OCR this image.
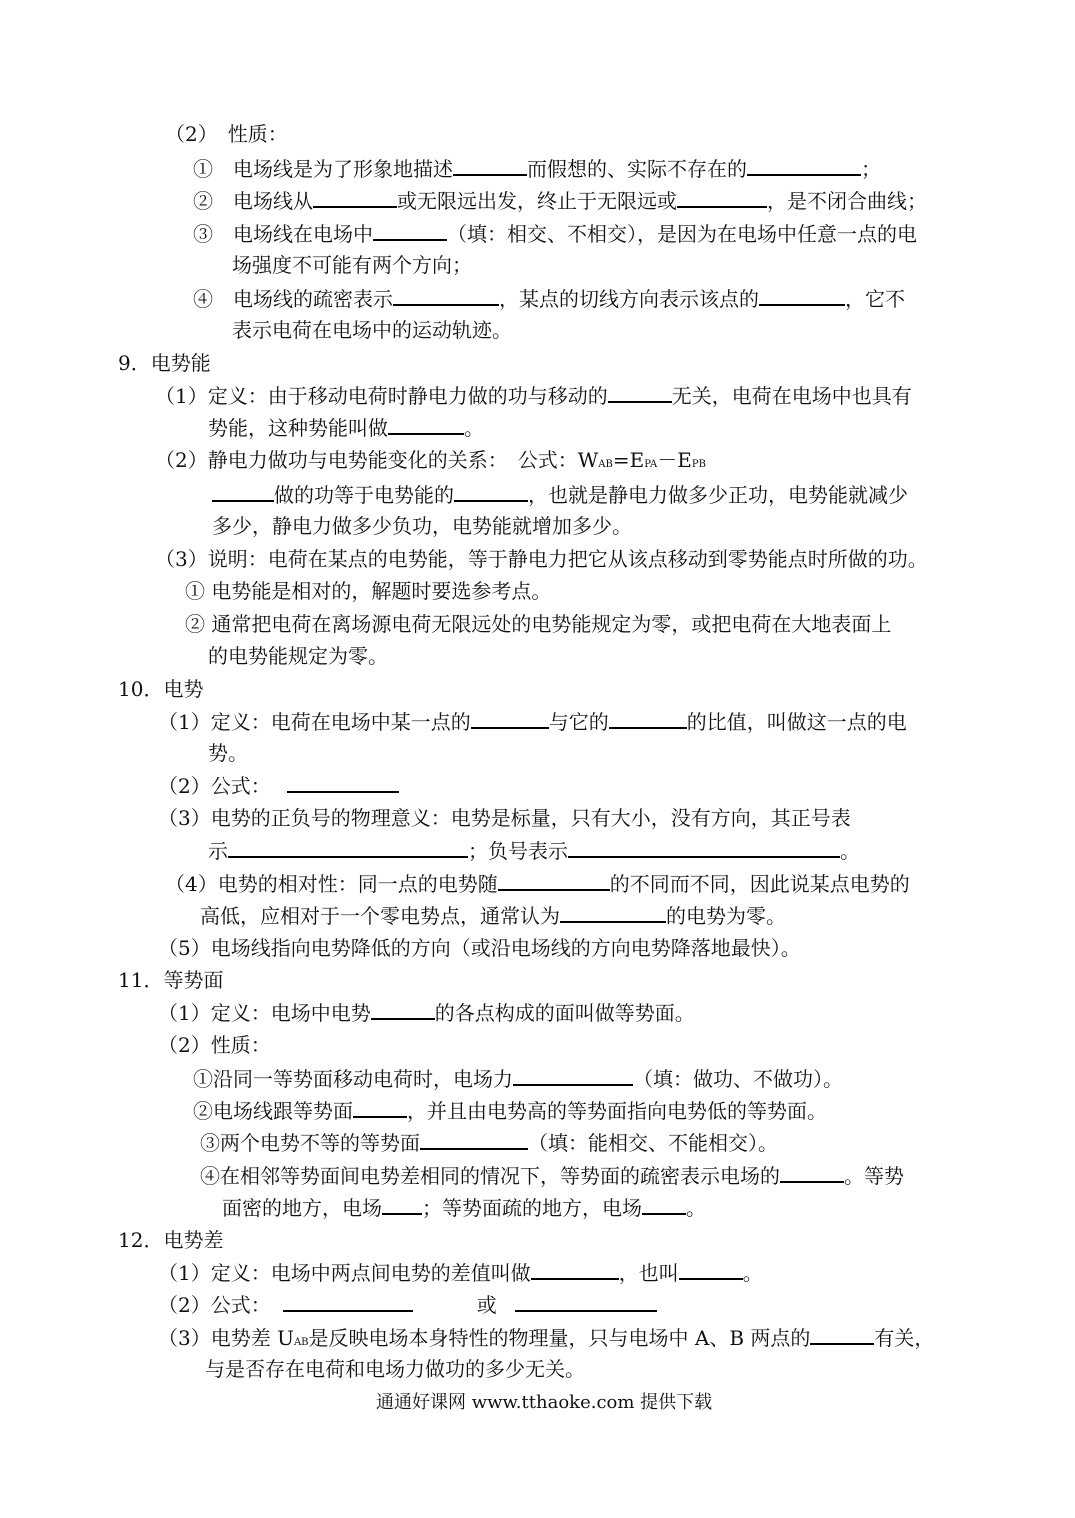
（2）　性质：
①　电场线是为了形象地描述	而假想的、实际不存在的	；
②　电场线从	或无限远出发，终止于无限远或	，是不闭合曲线；
③　电场线在电场中	（填：相交、不相交），是因为在电场中任意一点的电
场强度不可能有两个方向；
④　电场线的疏密表示	，某点的切线方向表示该点的	，它不
表示电荷在电场中的运动轨迹。
9．电势能
（1）定义：由于移动电荷时静电力做的功与移动的	无关，电荷在电场中也具有
势能，这种势能叫做	。
（2）静电力做功与电势能变化的关系：　公式：WAB=EPA－EPB
做的功等于电势能的	，也就是静电力做多少正功，电势能就减少
多少，静电力做多少负功，电势能就增加多少。
（3）说明：电荷在某点的电势能，等于静电力把它从该点移动到零势能点时所做的功。
① 电势能是相对的，解题时要选参考点。
② 通常把电荷在离场源电荷无限远处的电势能规定为零，或把电荷在大地表面上
的电势能规定为零。
10．电势
（1）定义：电荷在电场中某一点的	与它的	的比值，叫做这一点的电
势。
（2）公式：
（3）电势的正负号的物理意义：电势是标量，只有大小，没有方向，其正号表
示	；负号表示	。
（4）电势的相对性：同一点的电势随	的不同而不同，因此说某点电势的
高低，应相对于一个零电势点，通常认为	的电势为零。
（5）电场线指向电势降低的方向（或沿电场线的方向电势降落地最快）。
11．等势面
（1）定义：电场中电势	的各点构成的面叫做等势面。
（2）性质：
①沿同一等势面移动电荷时，电场力	（填：做功、不做功）。
②电场线跟等势面	，并且由电势高的等势面指向电势低的等势面。
③两个电势不等的等势面	（填：能相交、不能相交）。
④在相邻等势面间电势差相同的情况下，等势面的疏密表示电场的	。等势
面密的地方，电场 ；等势面疏的地方，电场 。
12．电势差
（1）定义：电场中两点间电势的差值叫做	，也叫	。
（2）公式：	或
（3）电势差 UAB是反映电场本身特性的物理量，只与电场中 A、B 两点的	有关，
与是否存在电荷和电场力做功的多少无关。
通通好课网 www.tthaoke.com 提供下载
